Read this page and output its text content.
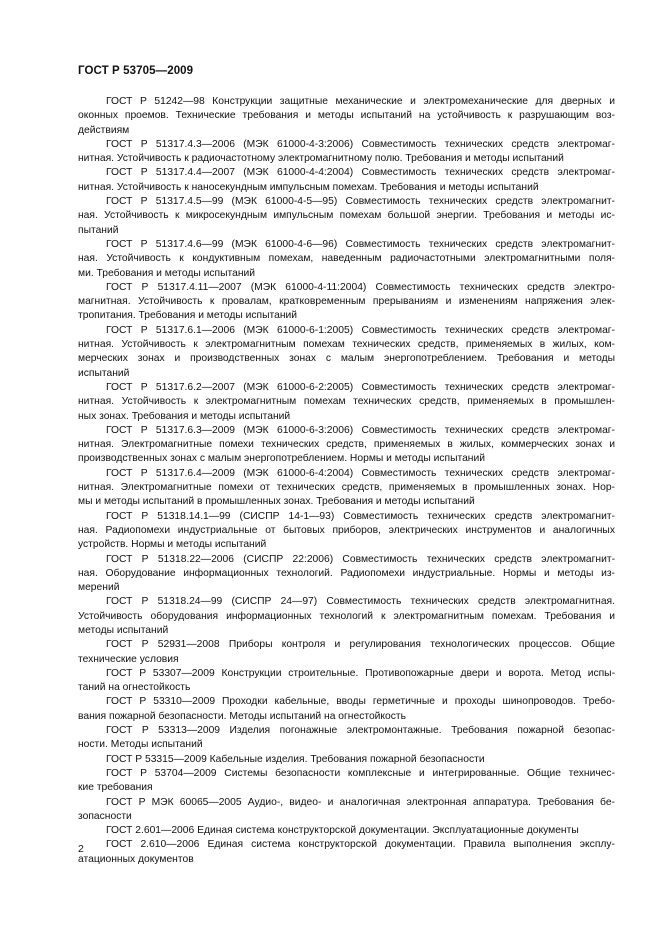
ГОСТ Р 53705—2009
ГОСТ Р 51242—98 Конструкции защитные механические и электромеханические для дверных и
оконных проемов. Технические требования и методы испытаний на устойчивость к разрушающим воз-
действиям
ГОСТ Р 51317.4.3—2006 (МЭК 61000-4-3:2006) Совместимость технических средств электромаг-
нитная. Устойчивость к радиочастотному электромагнитному полю. Требования и методы испытаний
ГОСТ Р 51317.4.4—2007 (МЭК 61000-4-4:2004) Совместимость технических средств электромаг-
нитная. Устойчивость к наносекундным импульсным помехам. Требования и методы испытаний
ГОСТ Р 51317.4.5—99 (МЭК 61000-4-5—95) Совместимость технических средств электромагнит-
ная. Устойчивость к микросекундным импульсным помехам большой энергии. Требования и методы ис-
пытаний
ГОСТ Р 51317.4.6—99 (МЭК 61000-4-6—96) Совместимость технических средств электромагнит-
ная. Устойчивость к кондуктивным помехам, наведенным радиочастотными электромагнитными поля-
ми. Требования и методы испытаний
ГОСТ Р 51317.4.11—2007 (МЭК 61000-4-11:2004) Совместимость технических средств электро-
магнитная. Устойчивость к провалам, кратковременным прерываниям и изменениям напряжения элек-
тропитания. Требования и методы испытаний
ГОСТ Р 51317.6.1—2006 (МЭК 61000-6-1:2005) Совместимость технических средств электромаг-
нитная. Устойчивость к электромагнитным помехам технических средств, применяемых в жилых, ком-
мерческих зонах и производственных зонах с малым энергопотреблением. Требования и методы
испытаний
ГОСТ Р 51317.6.2—2007 (МЭК 61000-6-2:2005) Совместимость технических средств электромаг-
нитная. Устойчивость к электромагнитным помехам технических средств, применяемых в промышлен-
ных зонах. Требования и методы испытаний
ГОСТ Р 51317.6.3—2009 (МЭК 61000-6-3:2006) Совместимость технических средств электромаг-
нитная. Электромагнитные помехи технических средств, применяемых в жилых, коммерческих зонах и
производственных зонах с малым энергопотреблением. Нормы и методы испытаний
ГОСТ Р 51317.6.4—2009 (МЭК 61000-6-4:2004) Совместимость технических средств электромаг-
нитная. Электромагнитные помехи от технических средств, применяемых в промышленных зонах. Нор-
мы и методы испытаний в промышленных зонах. Требования и методы испытаний
ГОСТ Р 51318.14.1—99 (СИСПР 14-1—93) Совместимость технических средств электромагнит-
ная. Радиопомехи индустриальные от бытовых приборов, электрических инструментов и аналогичных
устройств. Нормы и методы испытаний
ГОСТ Р 51318.22—2006 (СИСПР 22:2006) Совместимость технических средств электромагнит-
ная. Оборудование информационных технологий. Радиопомехи индустриальные. Нормы и методы из-
мерений
ГОСТ Р 51318.24—99 (СИСПР 24—97) Совместимость технических средств электромагнитная.
Устойчивость оборудования информационных технологий к электромагнитным помехам. Требования и
методы испытаний
ГОСТ Р 52931—2008 Приборы контроля и регулирования технологических процессов. Общие
технические условия
ГОСТ Р 53307—2009 Конструкции строительные. Противопожарные двери и ворота. Метод испы-
таний на огнестойкость
ГОСТ Р 53310—2009 Проходки кабельные, вводы герметичные и проходы шинопроводов. Требо-
вания пожарной безопасности. Методы испытаний на огнестойкость
ГОСТ Р 53313—2009 Изделия погонажные электромонтажные. Требования пожарной безопас-
ности. Методы испытаний
ГОСТ Р 53315—2009 Кабельные изделия. Требования пожарной безопасности
ГОСТ Р 53704—2009 Системы безопасности комплексные и интегрированные. Общие техничес-
кие требования
ГОСТ Р МЭК 60065—2005 Аудио-, видео- и аналогичная электронная аппаратура. Требования бе-
зопасности
ГОСТ 2.601—2006 Единая система конструкторской документации. Эксплуатационные документы
ГОСТ 2.610—2006 Единая система конструкторской документации. Правила выполнения эксплу-
атационных документов
2
